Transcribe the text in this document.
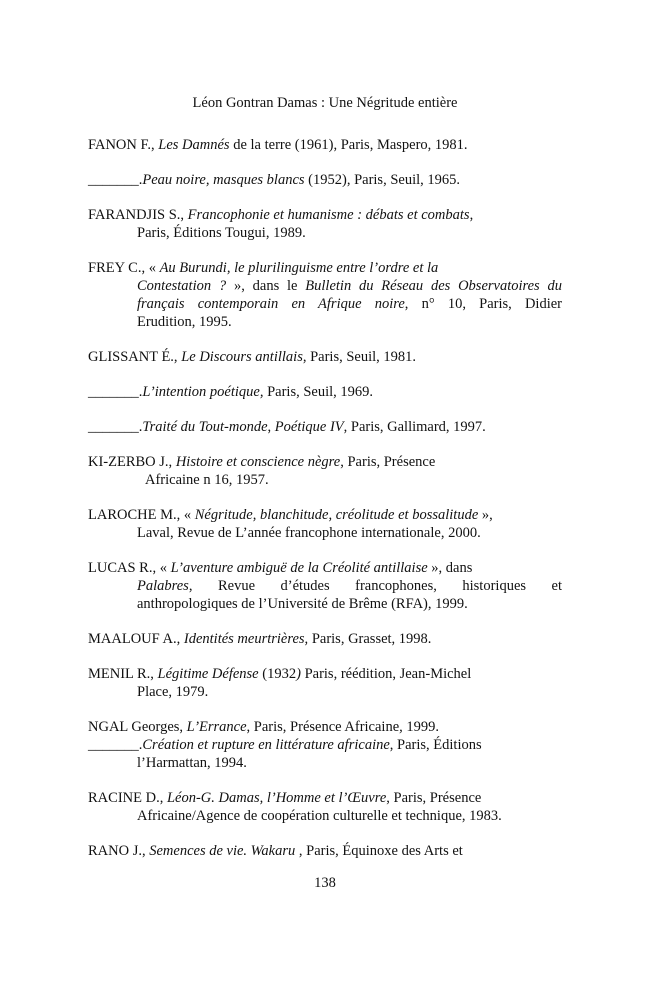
Léon Gontran Damas : Une Négritude entière
FANON F., Les Damnés de la terre (1961), Paris, Maspero, 1981.
_______.Peau noire, masques blancs (1952), Paris, Seuil, 1965.
FARANDJIS S., Francophonie et humanisme : débats et combats,
Paris, Éditions Tougui, 1989.
FREY C., « Au Burundi, le plurilinguisme entre l’ordre et la
Contestation ? », dans le Bulletin du Réseau des Observatoires du
français contemporain en Afrique noire, n° 10, Paris, Didier
Erudition, 1995.
GLISSANT É., Le Discours antillais, Paris, Seuil, 1981.
_______.L’intention poétique, Paris, Seuil, 1969.
_______.Traité du Tout-monde, Poétique IV, Paris, Gallimard, 1997.
KI-ZERBO J., Histoire et conscience nègre, Paris, Présence
Africaine n 16, 1957.
LAROCHE M., « Négritude, blanchitude, créolitude et bossalitude »,
Laval, Revue de L’année francophone internationale, 2000.
LUCAS R., « L’aventure ambiguë de la Créolité antillaise », dans
Palabres, Revue d’études francophones, historiques et
anthropologiques de l’Université de Brême (RFA), 1999.
MAALOUF A., Identités meurtrières, Paris, Grasset, 1998.
MENIL R., Légitime Défense (1932) Paris, réédition, Jean-Michel
Place, 1979.
NGAL Georges, L’Errance, Paris, Présence Africaine, 1999.
_______.Création et rupture en littérature africaine, Paris, Éditions
l’Harmattan, 1994.
RACINE D., Léon-G. Damas, l’Homme et l’Œuvre, Paris, Présence
Africaine/Agence de coopération culturelle et technique, 1983.
RANO J., Semences de vie. Wakaru , Paris, Équinoxe des Arts et
138
